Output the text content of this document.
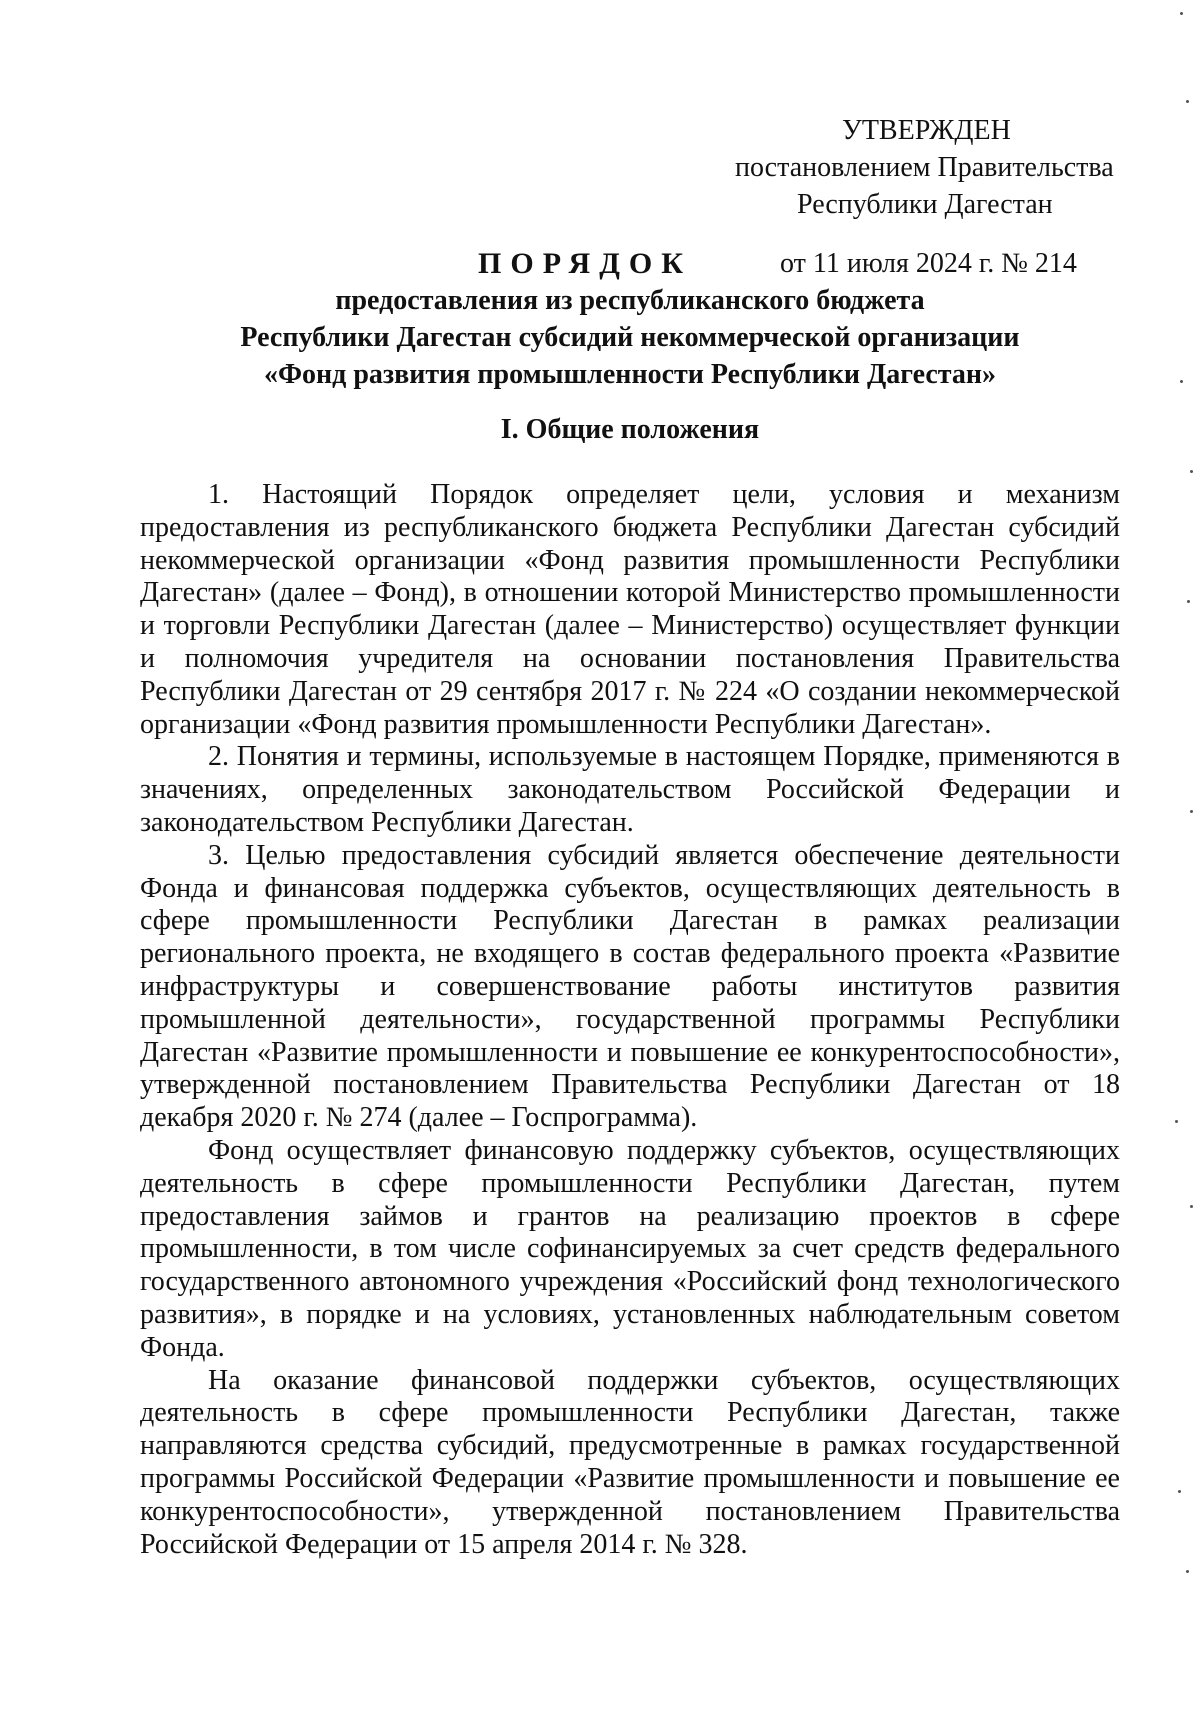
УТВЕРЖДЕН
постановлением Правительства
Республики Дагестан
от 11 июля 2024 г. № 214
ПОРЯДОК
предоставления из республиканского бюджета
Республики Дагестан субсидий некоммерческой организации
«Фонд развития промышленности Республики Дагестан»
I. Общие положения

1. Настоящий Порядок определяет цели, условия и механизм предоставления из республиканского бюджета Республики Дагестан субсидий некоммерческой организации «Фонд развития промышленности Республики Дагестан» (далее – Фонд), в отношении которой Министерство промышленности и торговли Республики Дагестан (далее – Министерство) осуществляет функции и полномочия учредителя на основании постановления Правительства Республики Дагестан от 29 сентября 2017 г. № 224 «О создании некоммерческой организации «Фонд развития промышленности Республики Дагестан».

2. Понятия и термины, используемые в настоящем Порядке, применяются в значениях, определенных законодательством Российской Федерации и законодательством Республики Дагестан.

3. Целью предоставления субсидий является обеспечение деятельности Фонда и финансовая поддержка субъектов, осуществляющих деятельность в сфере промышленности Республики Дагестан в рамках реализации регионального проекта, не входящего в состав федерального проекта «Развитие инфраструктуры и совершенствование работы институтов развития промышленной деятельности», государственной программы Республики Дагестан «Развитие промышленности и повышение ее конкурентоспособности», утвержденной постановлением Правительства Республики Дагестан от 18 декабря 2020 г. № 274 (далее – Госпрограмма).

Фонд осуществляет финансовую поддержку субъектов, осуществляющих деятельность в сфере промышленности Республики Дагестан, путем предоставления займов и грантов на реализацию проектов в сфере промышленности, в том числе софинансируемых за счет средств федерального государственного автономного учреждения «Российский фонд технологического развития», в порядке и на условиях, установленных наблюдательным советом Фонда.

На оказание финансовой поддержки субъектов, осуществляющих деятельность в сфере промышленности Республики Дагестан, также направляются средства субсидий, предусмотренные в рамках государственной программы Российской Федерации «Развитие промышленности и повышение ее конкурентоспособности», утвержденной постановлением Правительства Российской Федерации от 15 апреля 2014 г. № 328.
